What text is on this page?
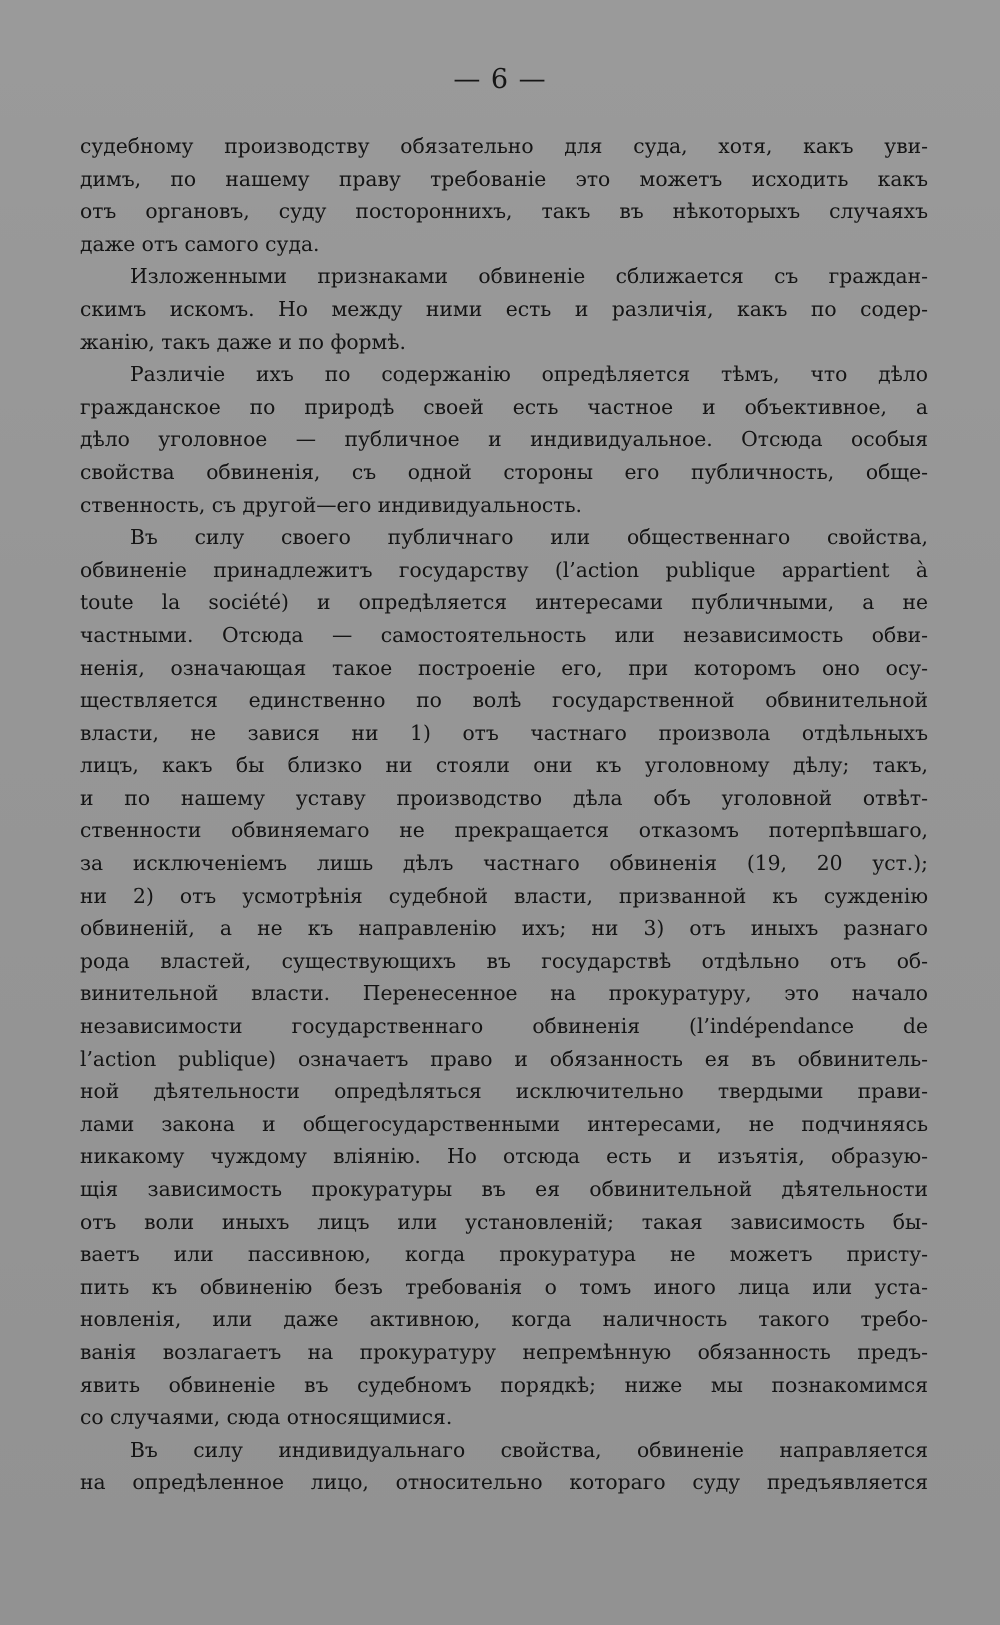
— 6 —
судебному производству обязательно для суда, хотя, какъ уви-
димъ, по нашему праву требованіе это можетъ исходить какъ
отъ органовъ, суду постороннихъ, такъ въ нѣкоторыхъ случаяхъ
даже отъ самого суда.
Изложенными признаками обвиненіе сближается съ граждан-
скимъ искомъ. Но между ними есть и различія, какъ по содер-
жанію, такъ даже и по формѣ.
Различіе ихъ по содержанію опредѣляется тѣмъ, что дѣло
гражданское по природѣ своей есть частное и объективное, а
дѣло уголовное — публичное и индивидуальное. Отсюда особыя
свойства обвиненія, съ одной стороны его публичность, обще-
ственность, съ другой—его индивидуальность.
Въ силу своего публичнаго или общественнаго свойства,
обвиненіе принадлежитъ государству (l’action publique appartient à
toute la société) и опредѣляется интересами публичными, а не
частными. Отсюда — самостоятельность или независимость обви-
ненія, означающая такое построеніе его, при которомъ оно осу-
ществляется единственно по волѣ государственной обвинительной
власти, не завися ни 1) отъ частнаго произвола отдѣльныхъ
лицъ, какъ бы близко ни стояли они къ уголовному дѣлу; такъ,
и по нашему уставу производство дѣла объ уголовной отвѣт-
ственности обвиняемаго не прекращается отказомъ потерпѣвшаго,
за исключеніемъ лишь дѣлъ частнаго обвиненія (19, 20 уст.);
ни 2) отъ усмотрѣнія судебной власти, призванной къ сужденію
обвиненій, а не къ направленію ихъ; ни 3) отъ иныхъ разнаго
рода властей, существующихъ въ государствѣ отдѣльно отъ об-
винительной власти. Перенесенное на прокуратуру, это начало
независимости государственнаго обвиненія (l’indépendance de
l’action publique) означаетъ право и обязанность ея въ обвинитель-
ной дѣятельности опредѣляться исключительно твердыми прави-
лами закона и общегосударственными интересами, не подчиняясь
никакому чуждому вліянію. Но отсюда есть и изъятія, образую-
щія зависимость прокуратуры въ ея обвинительной дѣятельности
отъ воли иныхъ лицъ или установленій; такая зависимость бы-
ваетъ или пассивною, когда прокуратура не можетъ присту-
пить къ обвиненію безъ требованія о томъ иного лица или уста-
новленія, или даже активною, когда наличность такого требо-
ванія возлагаетъ на прокуратуру непремѣнную обязанность предъ-
явить обвиненіе въ судебномъ порядкѣ; ниже мы познакомимся
со случаями, сюда относящимися.
Въ силу индивидуальнаго свойства, обвиненіе направляется
на опредѣленное лицо, относительно котораго суду предъявляется
